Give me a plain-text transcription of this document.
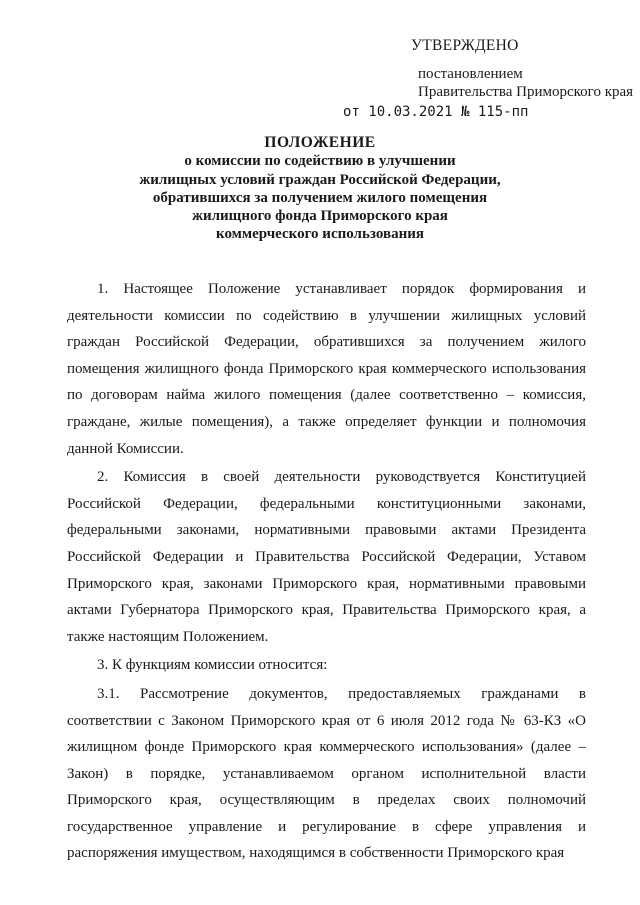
УТВЕРЖДЕНО
постановлением
Правительства Приморского края
от 10.03.2021 № 115-пп
ПОЛОЖЕНИЕ
о комиссии по содействию в улучшении
жилищных условий граждан Российской Федерации,
обратившихся за получением жилого помещения
жилищного фонда Приморского края
коммерческого использования

1. Настоящее Положение устанавливает порядок формирования и деятельности комиссии по содействию в улучшении жилищных условий граждан Российской Федерации, обратившихся за получением жилого помещения жилищного фонда Приморского края коммерческого использования по договорам найма жилого помещения (далее соответственно – комиссия, граждане, жилые помещения), а также определяет функции и полномочия данной Комиссии.

2. Комиссия в своей деятельности руководствуется Конституцией Российской Федерации, федеральными конституционными законами, федеральными законами, нормативными правовыми актами Президента Российской Федерации и Правительства Российской Федерации, Уставом Приморского края, законами Приморского края, нормативными правовыми актами Губернатора Приморского края, Правительства Приморского края, а также настоящим Положением.

3. К функциям комиссии относится:

3.1. Рассмотрение документов, предоставляемых гражданами в соответствии с Законом Приморского края от 6 июля 2012 года № 63-КЗ «О жилищном фонде Приморского края коммерческого использования» (далее – Закон) в порядке, устанавливаемом органом исполнительной власти Приморского края, осуществляющим в пределах своих полномочий государственное управление и регулирование в сфере управления и распоряжения имуществом, находящимся в собственности Приморского края
